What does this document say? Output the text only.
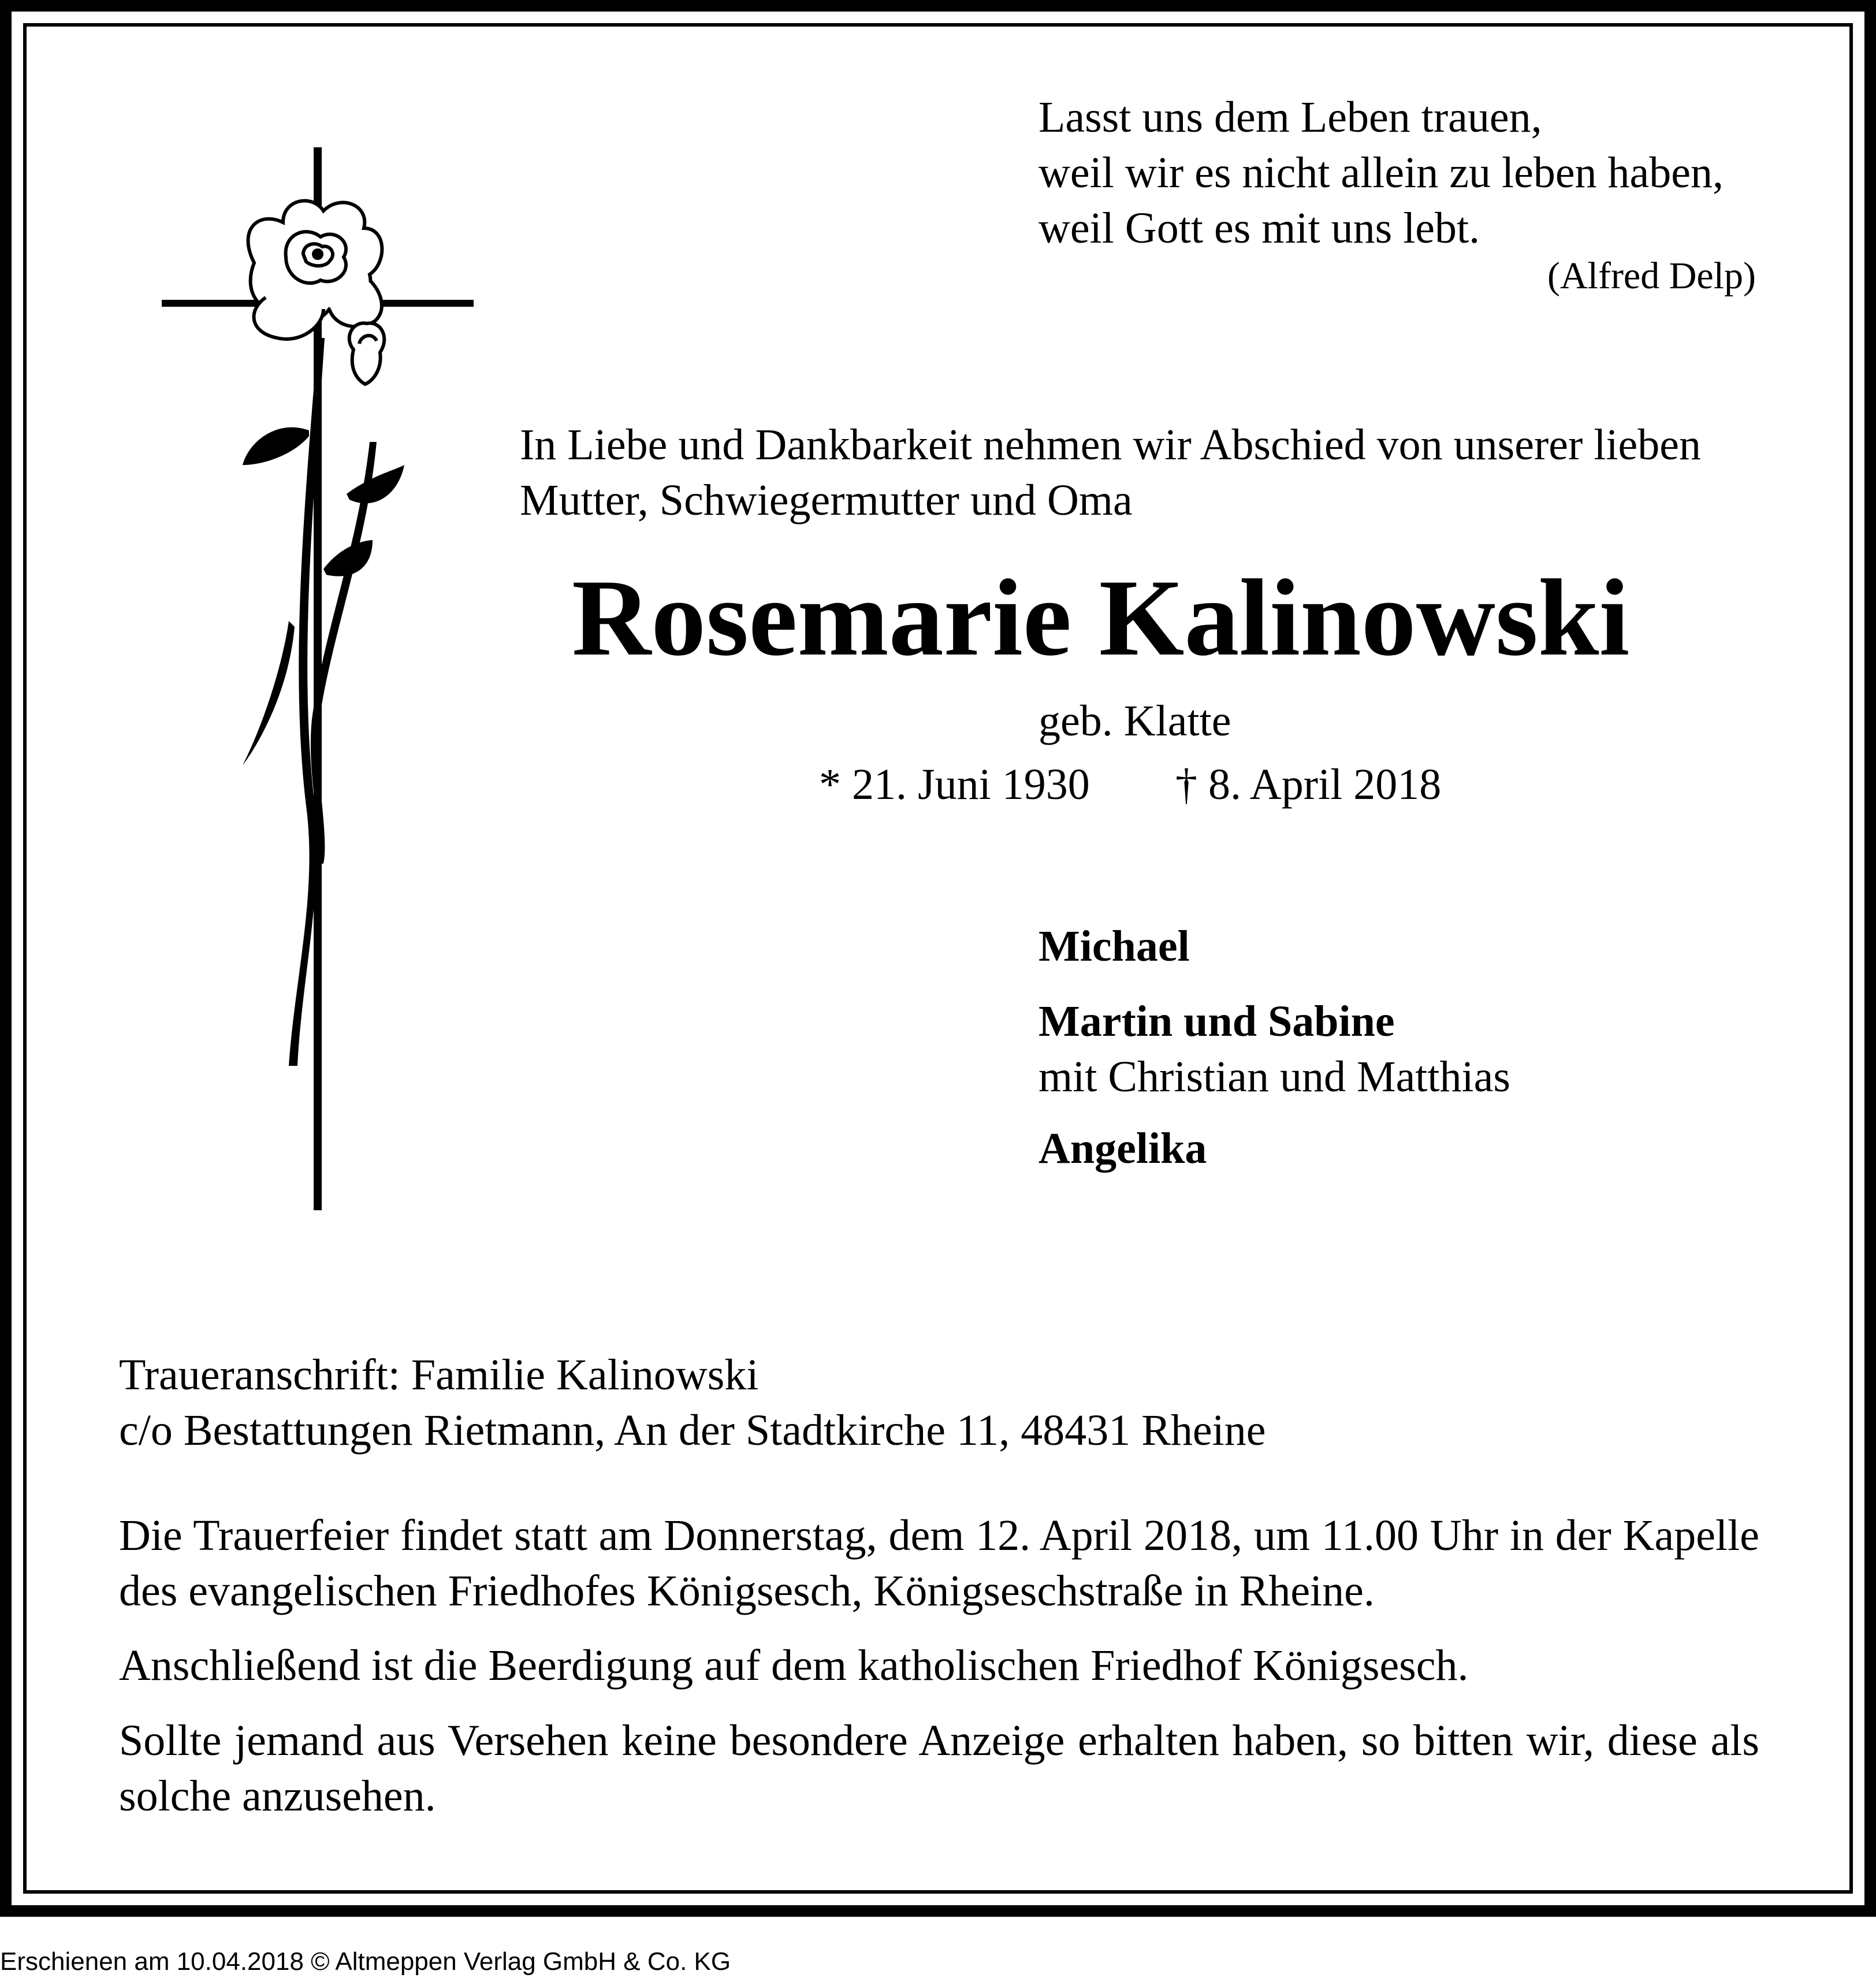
Lasst uns dem Leben trauen,
weil wir es nicht allein zu leben haben,
weil Gott es mit uns lebt.

(Alfred Delp)

In Liebe und Dankbarkeit nehmen wir Abschied von unserer lieben
Mutter, Schwiegermutter und Oma

Rosemarie Kalinowski

geb. Klatte

* 21. Juni 1930 † 8. April 2018

Michael

Martin und Sabine

mit Christian und Matthias

Angelika

Traueranschrift: Familie Kalinowski
c/o Bestattungen Rietmann, An der Stadtkirche 11, 48431 Rheine

Die Trauerfeier findet statt am Donnerstag, dem 12. April 2018, um 11.00 Uhr in der Kapelle des evangelischen Friedhofes Königsesch, Königseschstraße in Rheine.

Anschließend ist die Beerdigung auf dem katholischen Friedhof Königsesch.

Sollte jemand aus Versehen keine besondere Anzeige erhalten haben, so bitten wir, diese als solche anzusehen.

Erschienen am 10.04.2018 © Altmeppen Verlag GmbH & Co. KG
